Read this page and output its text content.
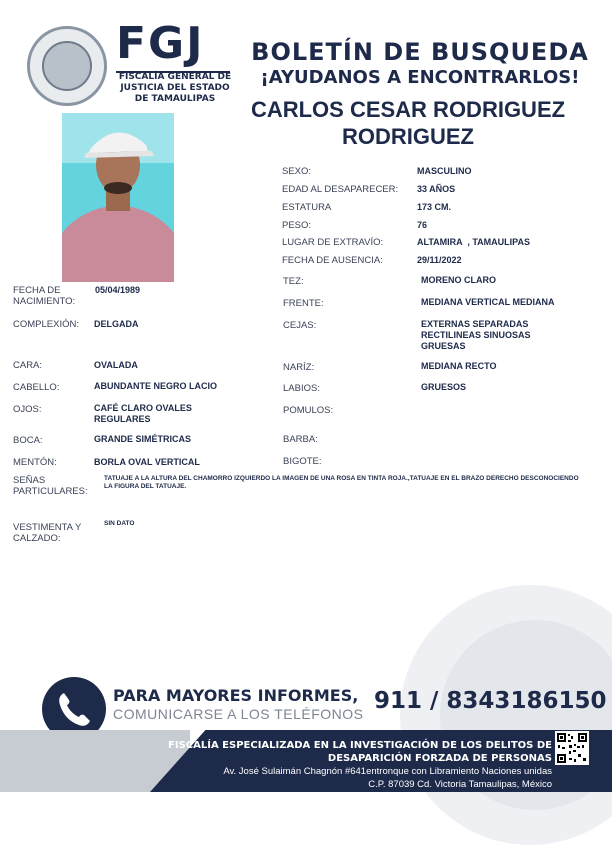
FGJ
FISCALÍA GENERAL DE JUSTICIA DEL ESTADO DE TAMAULIPAS
BOLETÍN DE BUSQUEDA
¡AYUDANOS A ENCONTRARLOS!
CARLOS CESAR RODRIGUEZ RODRIGUEZ
SEXO:	MASCULINO
EDAD AL DESAPARECER: 33 AÑOS
ESTATURA	173 CM.
PESO:	76
LUGAR DE EXTRAVÍO:	ALTAMIRA  , TAMAULIPAS
FECHA DE AUSENCIA:	29/11/2022
FECHA DE NACIMIENTO:
05/04/1989
COMPLEXIÓN: DELGADA
CARA:	OVALADA
CABELLO:	ABUNDANTE NEGRO LACIO
OJOS:	CAFÉ CLARO OVALES REGULARES
BOCA:	GRANDE SIMÉTRICAS
MENTÓN:	BORLA OVAL VERTICAL
TEZ:	MORENO CLARO
FRENTE:	MEDIANA VERTICAL MEDIANA
CEJAS:	EXTERNAS SEPARADAS RECTILINEAS SINUOSAS GRUESAS
NARÍZ:	MEDIANA RECTO
LABIOS:	GRUESOS
POMULOS:
BARBA:
BIGOTE:
SEÑAS PARTICULARES:
TATUAJE A LA ALTURA DEL CHAMORRO IZQUIERDO LA IMAGEN DE UNA ROSA EN TINTA ROJA.,TATUAJE EN EL BRAZO DERECHO DESCONOCIENDO LA FIGURA DEL TATUAJE.
VESTIMENTA Y CALZADO:
SIN DATO
PARA MAYORES INFORMES,
COMUNICARSE A LOS TELÉFONOS 911 / 8343186150
FISCALÍA ESPECIALIZADA EN LA INVESTIGACIÓN DE LOS DELITOS DE
DESAPARICIÓN FORZADA DE PERSONAS
Av. José Sulaimán Chagnón #641entronque con Libramiento Naciones unidas
C.P. 87039 Cd. Victoria Tamaulipas, México
